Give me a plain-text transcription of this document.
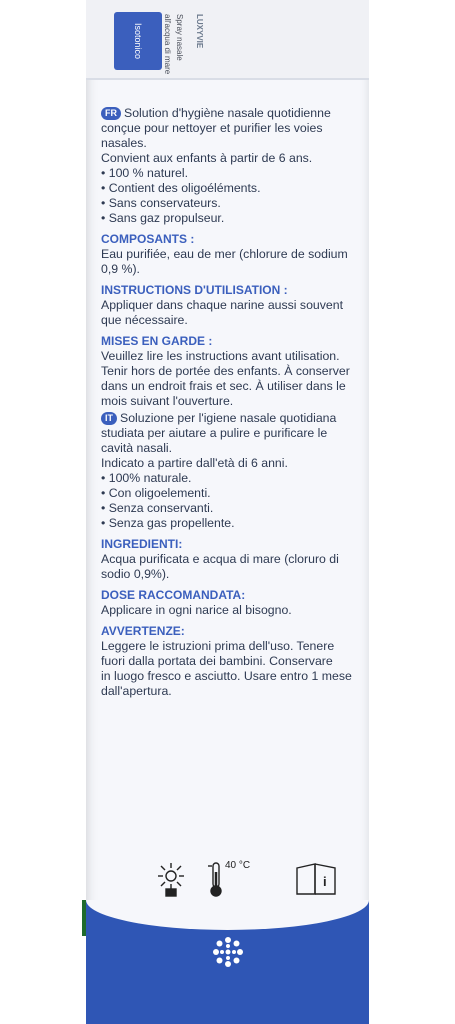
Isotonico	Spray nasale
all'acqua di mare	LUXYVIE

FR Solution d'hygiène nasale quotidienne

conçue pour nettoyer et purifier les voies

nasales.

Convient aux enfants à partir de 6 ans.

• 100 % naturel.

• Contient des oligoéléments.

• Sans conservateurs.

• Sans gaz propulseur.

COMPOSANTS :

Eau purifiée, eau de mer (chlorure de sodium

0,9 %).

INSTRUCTIONS D'UTILISATION :

Appliquer dans chaque narine aussi souvent

que nécessaire.

MISES EN GARDE :

Veuillez lire les instructions avant utilisation.

Tenir hors de portée des enfants. À conserver

dans un endroit frais et sec. À utiliser dans le

mois suivant l'ouverture.

IT Soluzione per l'igiene nasale quotidiana

studiata per aiutare a pulire e purificare le

cavità nasali.

Indicato a partire dall'età di 6 anni.

• 100% naturale.

• Con oligoelementi.

• Senza conservanti.

• Senza gas propellente.

INGREDIENTI:

Acqua purificata e acqua di mare (cloruro di

sodio 0,9%).

DOSE RACCOMANDATA:

Applicare in ogni narice al bisogno.

AVVERTENZE:

Leggere le istruzioni prima dell'uso. Tenere

fuori dalla portata dei bambini. Conservare

in luogo fresco e asciutto. Usare entro 1 mese

dall'apertura.

40 °C
i
